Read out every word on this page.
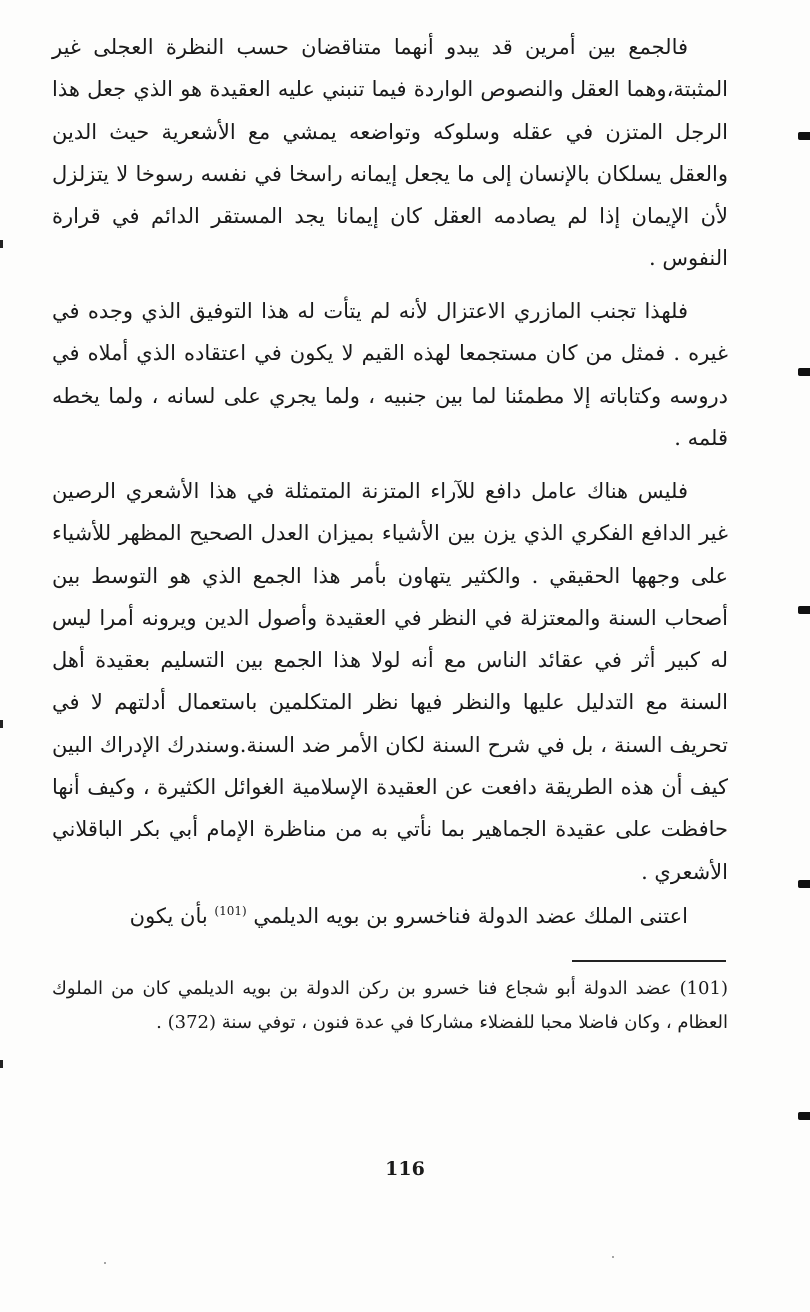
فالجمع بين أمرين قد يبدو أنهما متناقضان حسب النظرة العجلى غير المثبتة،وهما العقل والنصوص الواردة فيما تنبني عليه العقيدة هو الذي جعل هذا الرجل المتزن في عقله وسلوكه وتواضعه يمشي مع الأشعرية حيث الدين والعقل يسلكان بالإنسان إلى ما يجعل إيمانه راسخا في نفسه رسوخا لا يتزلزل لأن الإيمان إذا لم يصادمه العقل كان إيمانا يجد المستقر الدائم في قرارة النفوس .

فلهذا تجنب المازري الاعتزال لأنه لم يتأت له هذا التوفيق الذي وجده في غيره . فمثل من كان مستجمعا لهذه القيم لا يكون في اعتقاده الذي أملاه في دروسه وكتاباته إلا مطمئنا لما بين جنبيه ، ولما يجري على لسانه ، ولما يخطه قلمه .

فليس هناك عامل دافع للآراء المتزنة المتمثلة في هذا الأشعري الرصين غير الدافع الفكري الذي يزن بين الأشياء بميزان العدل الصحيح المظهر للأشياء على وجهها الحقيقي . والكثير يتهاون بأمر هذا الجمع الذي هو التوسط بين أصحاب السنة والمعتزلة في النظر في العقيدة وأصول الدين ويرونه أمرا ليس له كبير أثر في عقائد الناس مع أنه لولا هذا الجمع بين التسليم بعقيدة أهل السنة مع التدليل عليها والنظر فيها نظر المتكلمين باستعمال أدلتهم لا في تحريف السنة ، بل في شرح السنة لكان الأمر ضد السنة.وسندرك الإدراك البين كيف أن هذه الطريقة دافعت عن العقيدة الإسلامية الغوائل الكثيرة ، وكيف أنها حافظت على عقيدة الجماهير بما نأتي به من مناظرة الإمام أبي بكر الباقلاني الأشعري .

اعتنى الملك عضد الدولة فناخسرو بن بويه الديلمي $^{(101)}$ بأن يكون

(101) عضد الدولة أبو شجاع فنا خسرو بن ركن الدولة بن بويه الديلمي كان من الملوك العظام ، وكان فاضلا محبا للفضلاء مشاركا في عدة فنون ، توفي سنة (372) .

116
